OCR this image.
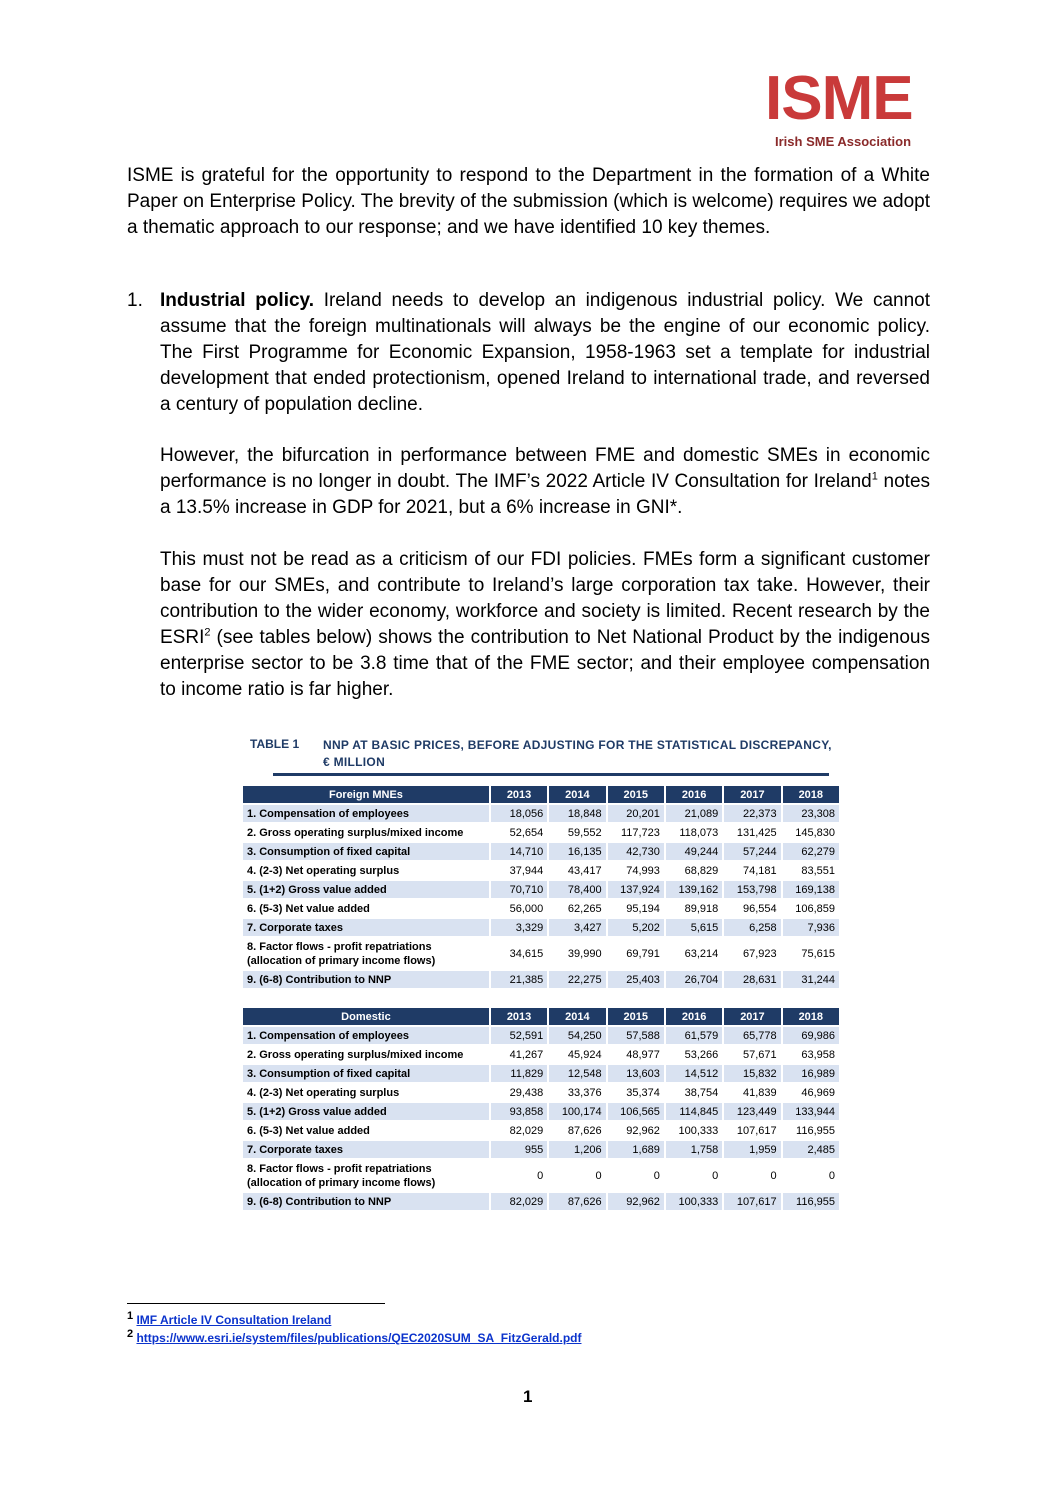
ISME
Irish SME Association
ISME is grateful for the opportunity to respond to the Department in the formation of a White Paper on Enterprise Policy. The brevity of the submission (which is welcome) requires we adopt a thematic approach to our response; and we have identified 10 key themes.
1. Industrial policy. Ireland needs to develop an indigenous industrial policy. We cannot assume that the foreign multinationals will always be the engine of our economic policy. The First Programme for Economic Expansion, 1958-1963 set a template for industrial development that ended protectionism, opened Ireland to international trade, and reversed a century of population decline.
However, the bifurcation in performance between FME and domestic SMEs in economic performance is no longer in doubt. The IMF’s 2022 Article IV Consultation for Ireland$^1$ notes a 13.5% increase in GDP for 2021, but a 6% increase in GNI*.
This must not be read as a criticism of our FDI policies. FMEs form a significant customer base for our SMEs, and contribute to Ireland’s large corporation tax take. However, their contribution to the wider economy, workforce and society is limited. Recent research by the ESRI$^2$ (see tables below) shows the contribution to Net National Product by the indigenous enterprise sector to be 3.8 time that of the FME sector; and their employee compensation to income ratio is far higher.
TABLE 1 NNP AT BASIC PRICES, BEFORE ADJUSTING FOR THE STATISTICAL DISCREPANCY, € MILLION
Foreign MNEs	2013	2014	2015	2016	2017	2018
1. Compensation of employees	18,056	18,848	20,201	21,089	22,373	23,308
2. Gross operating surplus/mixed income	52,654	59,552	117,723	118,073	131,425	145,830
3. Consumption of fixed capital	14,710	16,135	42,730	49,244	57,244	62,279
4. (2-3) Net operating surplus	37,944	43,417	74,993	68,829	74,181	83,551
5. (1+2) Gross value added	70,710	78,400	137,924	139,162	153,798	169,138
6. (5-3) Net value added	56,000	62,265	95,194	89,918	96,554	106,859
7. Corporate taxes	3,329	3,427	5,202	5,615	6,258	7,936
8. Factor flows - profit repatriations (allocation of primary income flows)	34,615	39,990	69,791	63,214	67,923	75,615
9. (6-8) Contribution to NNP	21,385	22,275	25,403	26,704	28,631	31,244

Domestic	2013	2014	2015	2016	2017	2018
1. Compensation of employees	52,591	54,250	57,588	61,579	65,778	69,986
2. Gross operating surplus/mixed income	41,267	45,924	48,977	53,266	57,671	63,958
3. Consumption of fixed capital	11,829	12,548	13,603	14,512	15,832	16,989
4. (2-3) Net operating surplus	29,438	33,376	35,374	38,754	41,839	46,969
5. (1+2) Gross value added	93,858	100,174	106,565	114,845	123,449	133,944
6. (5-3) Net value added	82,029	87,626	92,962	100,333	107,617	116,955
7. Corporate taxes	955	1,206	1,689	1,758	1,959	2,485
8. Factor flows - profit repatriations (allocation of primary income flows)	0	0	0	0	0	0
9. (6-8) Contribution to NNP	82,029	87,626	92,962	100,333	107,617	116,955
$^1$ IMF Article IV Consultation Ireland
$^2$ https://www.esri.ie/system/files/publications/QEC2020SUM_SA_FitzGerald.pdf
1
